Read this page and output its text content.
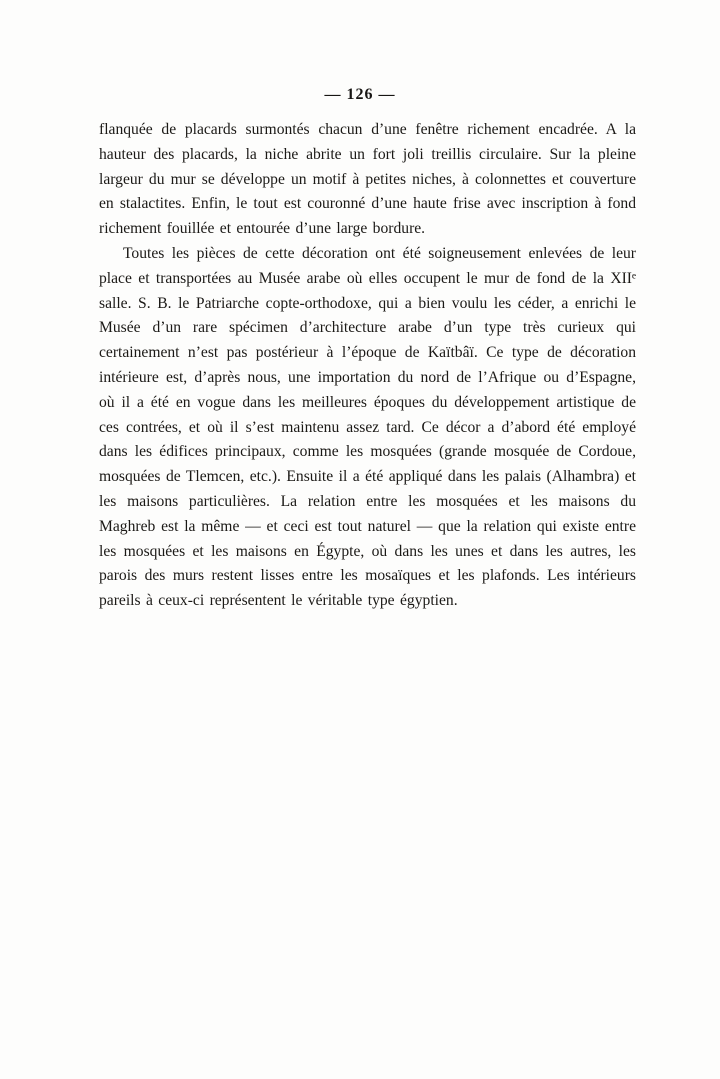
— 126 —

flanquée de placards surmontés chacun d’une fenêtre richement encadrée. A la hauteur des placards, la niche abrite un fort joli treillis circulaire. Sur la pleine largeur du mur se développe un motif à petites niches, à colonnettes et couverture en stalactites. Enfin, le tout est couronné d’une haute frise avec inscription à fond richement fouillée et entourée d’une large bordure.

Toutes les pièces de cette décoration ont été soigneusement enlevées de leur place et transportées au Musée arabe où elles occupent le mur de fond de la XIIᵉ salle. S. B. le Patriarche copte-orthodoxe, qui a bien voulu les céder, a enrichi le Musée d’un rare spécimen d’architecture arabe d’un type très curieux qui certainement n’est pas postérieur à l’époque de Kaïtbâï. Ce type de décoration intérieure est, d’après nous, une importation du nord de l’Afrique ou d’Espagne, où il a été en vogue dans les meilleures époques du développement artistique de ces contrées, et où il s’est maintenu assez tard. Ce décor a d’abord été employé dans les édifices principaux, comme les mosquées (grande mosquée de Cordoue, mosquées de Tlemcen, etc.). Ensuite il a été appliqué dans les palais (Alhambra) et les maisons particulières. La relation entre les mosquées et les maisons du Maghreb est la même — et ceci est tout naturel — que la relation qui existe entre les mosquées et les maisons en Égypte, où dans les unes et dans les autres, les parois des murs restent lisses entre les mosaïques et les plafonds. Les intérieurs pareils à ceux-ci représentent le véritable type égyptien.
